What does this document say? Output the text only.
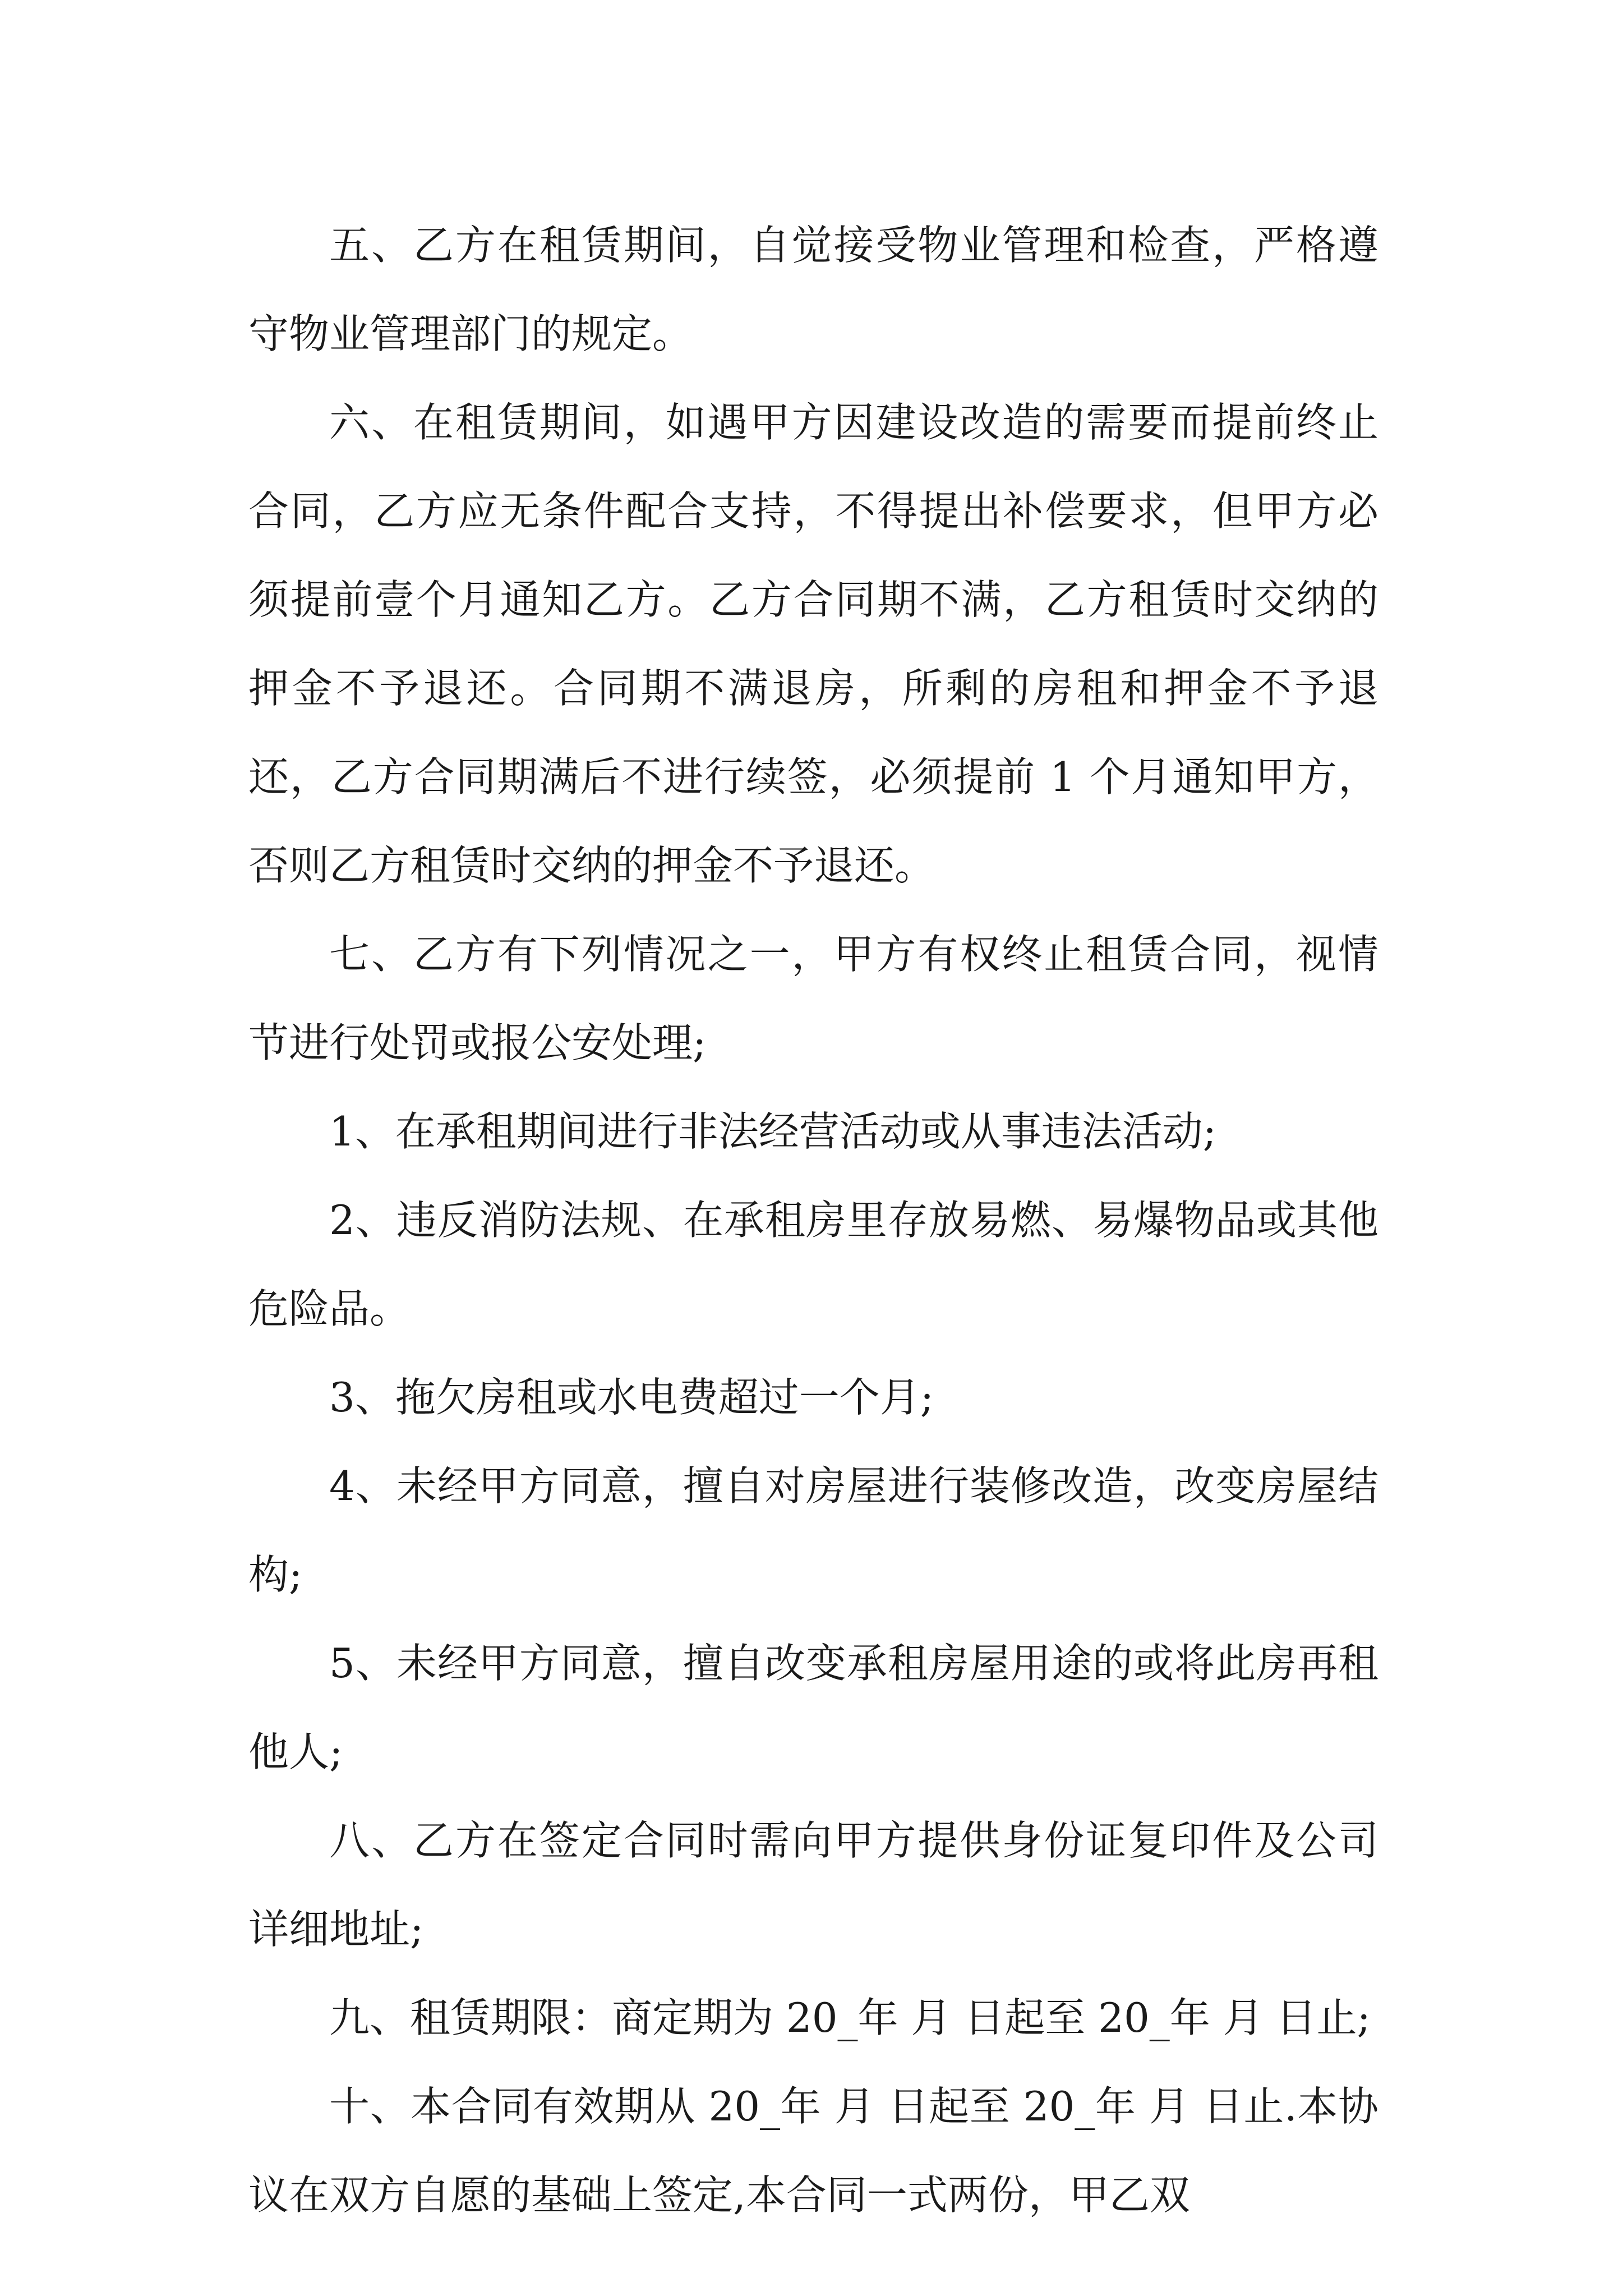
五、乙方在租赁期间，自觉接受物业管理和检查，严格遵守物业管理部门的规定。

六、在租赁期间，如遇甲方因建设改造的需要而提前终止合同，乙方应无条件配合支持，不得提出补偿要求，但甲方必须提前壹个月通知乙方。乙方合同期不满，乙方租赁时交纳的押金不予退还。合同期不满退房，所剩的房租和押金不予退还，乙方合同期满后不进行续签，必须提前 1 个月通知甲方，否则乙方租赁时交纳的押金不予退还。

七、乙方有下列情况之一，甲方有权终止租赁合同，视情节进行处罚或报公安处理;

1、在承租期间进行非法经营活动或从事违法活动;

2、违反消防法规、在承租房里存放易燃、易爆物品或其他危险品。

3、拖欠房租或水电费超过一个月;

4、未经甲方同意，擅自对房屋进行装修改造，改变房屋结构;

5、未经甲方同意，擅自改变承租房屋用途的或将此房再租他人;

八、乙方在签定合同时需向甲方提供身份证复印件及公司详细地址;

九、租赁期限：商定期为 20_年 月 日起至 20_年 月 日止;

十、本合同有效期从 20_年 月 日起至 20_年 月 日止.本协议在双方自愿的基础上签定,本合同一式两份，甲乙双
